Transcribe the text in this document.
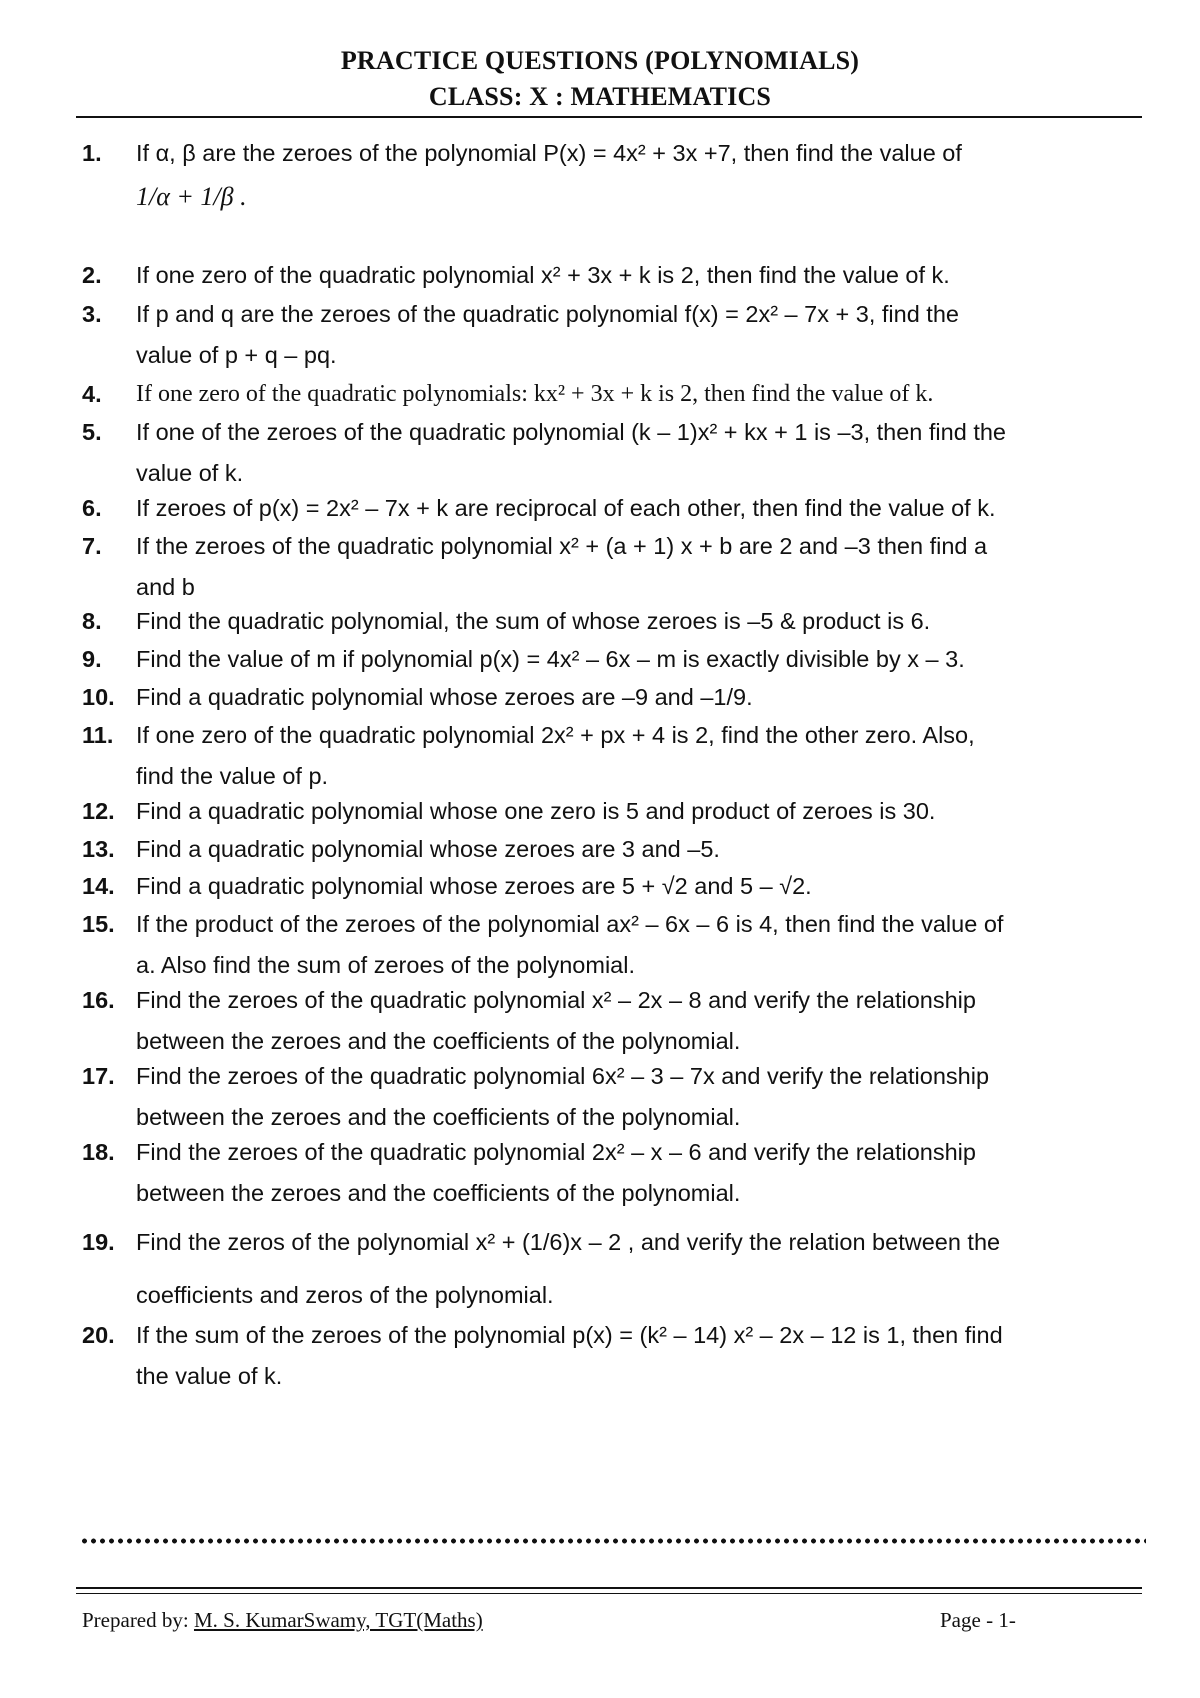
PRACTICE QUESTIONS (POLYNOMIALS)
CLASS: X : MATHEMATICS
1.	If α, β are the zeroes of the polynomial P(x) = 4x² + 3x +7, then find the value of
1/α + 1/β .
2.	If one zero of the quadratic polynomial x² + 3x + k is 2, then find the value of k.
3.	If p and q are the zeroes of the quadratic polynomial f(x) = 2x² – 7x + 3, find the
value of p + q – pq.
4.	If one zero of the quadratic polynomials: kx² + 3x + k is 2, then find the value of k.
5.	If one of the zeroes of the quadratic polynomial (k – 1)x² + kx + 1 is –3, then find the
value of k.
6.	If zeroes of p(x) = 2x² – 7x + k are reciprocal of each other, then find the value of k.
7.	If the zeroes of the quadratic polynomial x² + (a + 1) x + b are 2 and –3 then find a
and b
8.	Find the quadratic polynomial, the sum of whose zeroes is –5 & product is 6.
9.	Find the value of m if polynomial p(x) = 4x² – 6x – m is exactly divisible by x – 3.
10. Find a quadratic polynomial whose zeroes are –9 and –1/9.
11. If one zero of the quadratic polynomial 2x² + px + 4 is 2, find the other zero. Also,
find the value of p.
12. Find a quadratic polynomial whose one zero is 5 and product of zeroes is 30.
13. Find a quadratic polynomial whose zeroes are 3 and –5.
14. Find a quadratic polynomial whose zeroes are 5 + √2 and 5 – √2.
15. If the product of the zeroes of the polynomial ax² – 6x – 6 is 4, then find the value of
a. Also find the sum of zeroes of the polynomial.
16. Find the zeroes of the quadratic polynomial x² – 2x – 8 and verify the relationship
between the zeroes and the coefficients of the polynomial.
17. Find the zeroes of the quadratic polynomial 6x² – 3 – 7x and verify the relationship
between the zeroes and the coefficients of the polynomial.
18. Find the zeroes of the quadratic polynomial 2x² – x – 6 and verify the relationship
between the zeroes and the coefficients of the polynomial.
19. Find the zeros of the polynomial x² + (1/6)x – 2 , and verify the relation between the
coefficients and zeros of the polynomial.
20. If the sum of the zeroes of the polynomial p(x) = (k² – 14) x² – 2x – 12 is 1, then find
the value of k.
Prepared by: M. S. KumarSwamy, TGT(Maths)	Page - 1-
